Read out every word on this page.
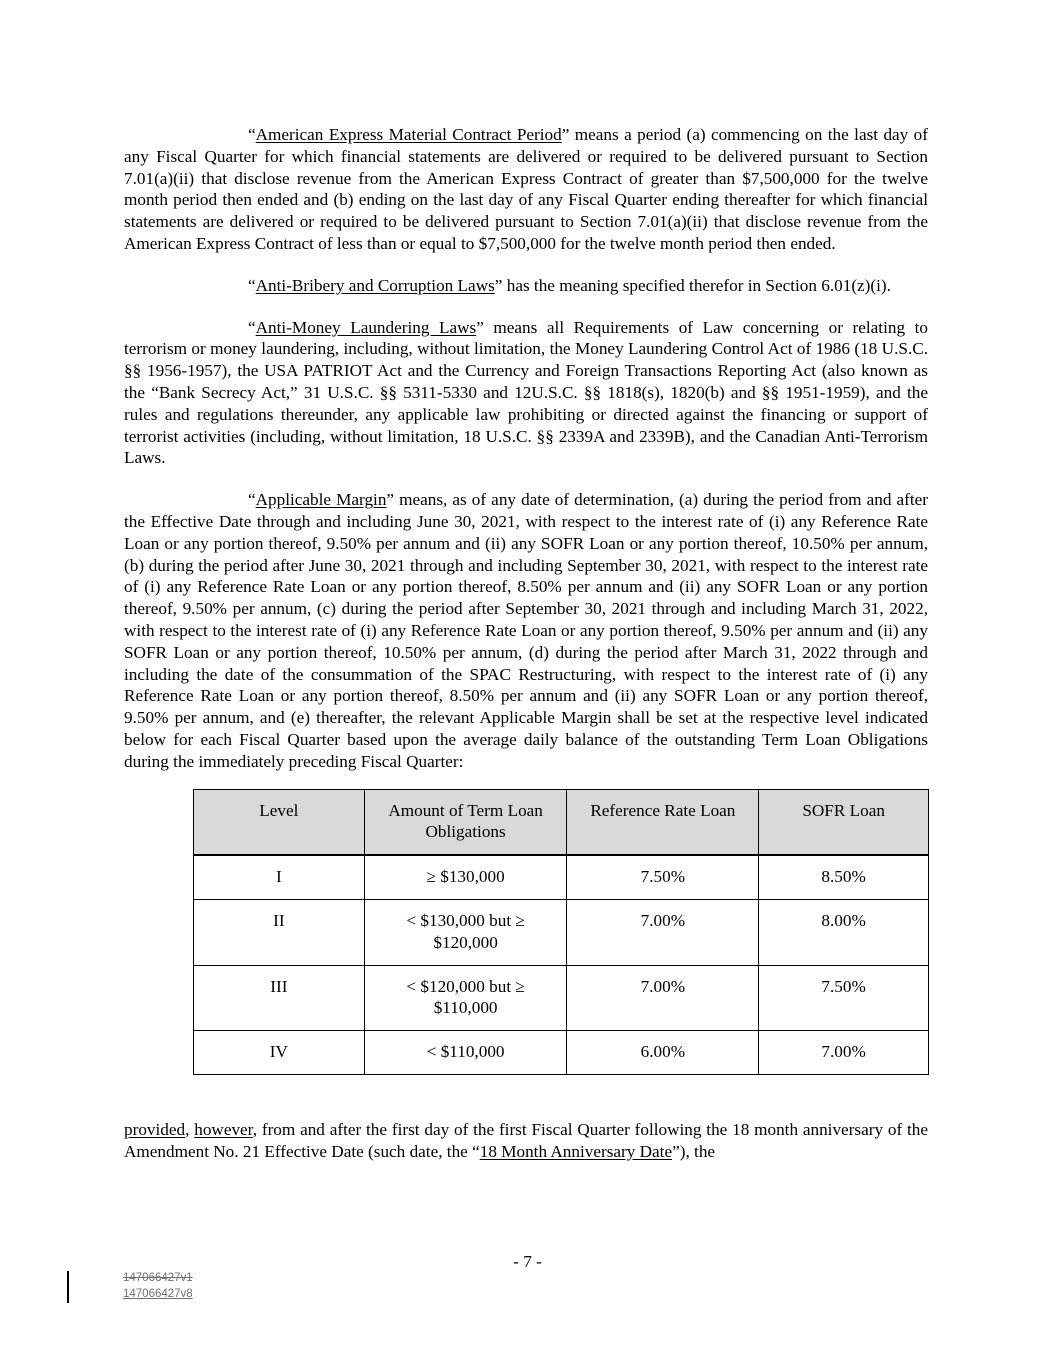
“American Express Material Contract Period” means a period (a) commencing on the last day of any Fiscal Quarter for which financial statements are delivered or required to be delivered pursuant to Section 7.01(a)(ii) that disclose revenue from the American Express Contract of greater than $7,500,000 for the twelve month period then ended and (b) ending on the last day of any Fiscal Quarter ending thereafter for which financial statements are delivered or required to be delivered pursuant to Section 7.01(a)(ii) that disclose revenue from the American Express Contract of less than or equal to $7,500,000 for the twelve month period then ended.

“Anti-Bribery and Corruption Laws” has the meaning specified therefor in Section 6.01(z)(i).

“Anti-Money Laundering Laws” means all Requirements of Law concerning or relating to terrorism or money laundering, including, without limitation, the Money Laundering Control Act of 1986 (18 U.S.C. §§ 1956-1957), the USA PATRIOT Act and the Currency and Foreign Transactions Reporting Act (also known as the “Bank Secrecy Act,” 31 U.S.C. §§ 5311-5330 and 12U.S.C. §§ 1818(s), 1820(b) and §§ 1951-1959), and the rules and regulations thereunder, any applicable law prohibiting or directed against the financing or support of terrorist activities (including, without limitation, 18 U.S.C. §§ 2339A and 2339B), and the Canadian Anti-Terrorism Laws.

“Applicable Margin” means, as of any date of determination, (a) during the period from and after the Effective Date through and including June 30, 2021, with respect to the interest rate of (i) any Reference Rate Loan or any portion thereof, 9.50% per annum and (ii) any SOFR Loan or any portion thereof, 10.50% per annum, (b) during the period after June 30, 2021 through and including September 30, 2021, with respect to the interest rate of (i) any Reference Rate Loan or any portion thereof, 8.50% per annum and (ii) any SOFR Loan or any portion thereof, 9.50% per annum, (c) during the period after September 30, 2021 through and including March 31, 2022, with respect to the interest rate of (i) any Reference Rate Loan or any portion thereof, 9.50% per annum and (ii) any SOFR Loan or any portion thereof, 10.50% per annum, (d) during the period after March 31, 2022 through and including the date of the consummation of the SPAC Restructuring, with respect to the interest rate of (i) any Reference Rate Loan or any portion thereof, 8.50% per annum and (ii) any SOFR Loan or any portion thereof, 9.50% per annum, and (e) thereafter, the relevant Applicable Margin shall be set at the respective level indicated below for each Fiscal Quarter based upon the average daily balance of the outstanding Term Loan Obligations during the immediately preceding Fiscal Quarter:

Level	Amount of Term Loan Obligations	Reference Rate Loan	SOFR Loan
I	≥ $130,000	7.50%	8.50%
II	< $130,000 but ≥ $120,000	7.00%	8.00%
III	< $120,000 but ≥ $110,000	7.00%	7.50%
IV	< $110,000	6.00%	7.00%

provided, however, from and after the first day of the first Fiscal Quarter following the 18 month anniversary of the Amendment No. 21 Effective Date (such date, the “18 Month Anniversary Date”), the

- 7 -
147066427v1
147066427v8
